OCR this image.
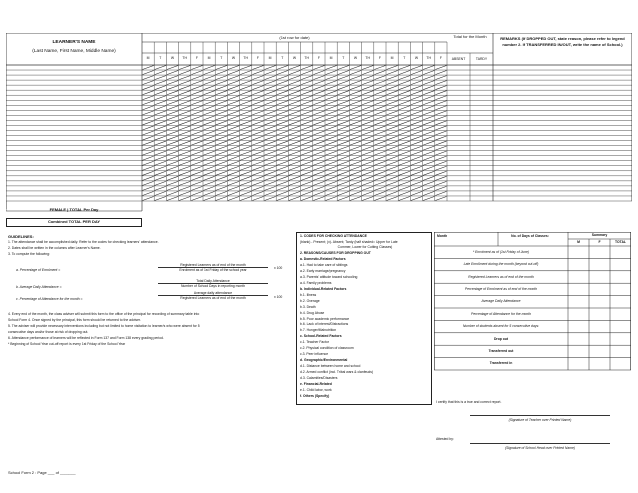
LEARNER'S NAME
(Last Name, First Name, Middle Name)
(1st row for date)	Total for the Month
ABSENT	TARDY
REMARKS (If DROPPED OUT, state reason, please refer to legend number 2. If TRANSFERRED IN/OUT, write the name of School.)
M	T	W	TH	F	M	T	W	TH	F	M	T	W	TH	F	M	T	W	TH	F	M	T	W	TH	F
FEMALE | TOTAL Per Day
Combined TOTAL PER DAY
GUIDELINES:
1. The attendance shall be accomplished daily. Refer to the codes for checking learners' attendance.
2. Dates shall be written in the columns after Learner's Name.
3. To compute the following:
a. Percentage of Enrolment =
Registered Learners as of end of the month
Enrolment as of 1st Friday of the school year	x 100
b. Average Daily Attendance =
Total Daily Attendance
Number of School Days in reporting month
c. Percentage of Attendance for the month =
Average daily attendance
Registered Learners as of end of the month	x 100
4. Every end of the month, the class adviser will submit this form to the office of the principal for recording of summary table into
School Form 4. Once signed by the principal, this form should be returned to the adviser.
5. The adviser will provide necessary interventions including but not limited to home visitation to learner/s who were absent for 5
consecutive days and/or those at risk of dropping out.
6. Attendance performance of learners will be reflected in Form 137 and Form 138 every grading period.
* Beginning of School Year cut-off report is every 1st Friday of the School Year
School Form 2 : Page ___ of _______
1. CODES FOR CHECKING ATTENDANCE
(blank) - Present; (x)- Absent; Tardy (half shaded= Upper for Late
Commer, Lower for Cutting Classes)
2. REASONS/CAUSES FOR DROPPING OUT
a. Domestic-Related Factors
a.1. Had to take care of siblings
a.2. Early marriage/pregnancy
a.3. Parents' attitude toward schooling
a.4. Family problems
b. Individual-Related Factors
b.1. Illness
b.2. Overage
b.3. Death
b.4. Drug Abuse
b.5. Poor academic performance
b.6. Lack of interest/Distractions
b.7. Hunger/Malnutrition
c. School-Related Factors
c.1. Teacher Factor
c.2. Physical condition of classroom
c.3. Peer influence
d. Geographic/Environmental
d.1. Distance between home and school
d.2. Armed conflict (incl. Tribal wars & clanfeuds)
d.3. Calamities/Disasters
e. Financial-Related
e.1. Child labor, work
f. Others (Specify)
Month	No. of Days of Classes:	Summary
M	F	TOTAL
* Enrolment as of (1st Friday of June)
Late Enrollment during the month (beyond cut-off)
Registered Learners as of end of the month
Percentage of Enrolment as of end of the month
Average Daily Attendance
Percentage of Attendance for the month
Number of students absent for 5 consecutive days:
Drop out
Transferred out
Transferred in
I certify that this is a true and correct report.
(Signature of Teacher over Printed Name)
Attested by:
(Signature of School Head over Printed Name)
